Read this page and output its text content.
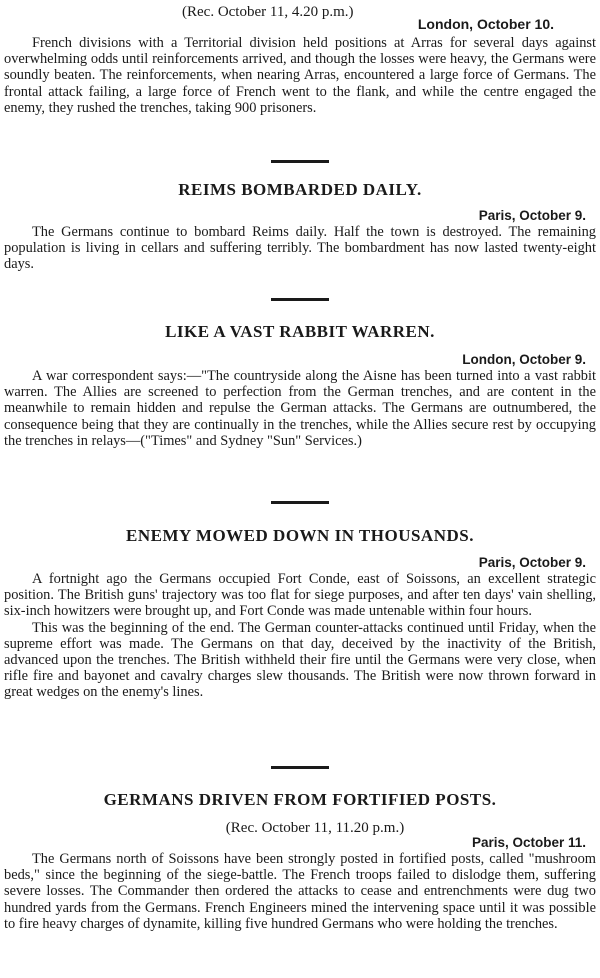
(Rec. October 11, 4.20 p.m.)
London, October 10.

French divisions with a Territorial division held positions at Arras for several days against overwhelming odds until reinforcements arrived, and though the losses were heavy, the Germans were soundly beaten. The reinforcements, when nearing Arras, encountered a large force of Germans. The frontal attack failing, a large force of French went to the flank, and while the centre engaged the enemy, they rushed the trenches, taking 900 prisoners.

REIMS BOMBARDED DAILY.
Paris, October 9.

The Germans continue to bombard Reims daily. Half the town is destroyed. The remaining population is living in cellars and suffering terribly. The bombardment has now lasted twenty-eight days.

LIKE A VAST RABBIT WARREN.
London, October 9.

A war correspondent says:—"The countryside along the Aisne has been turned into a vast rabbit warren. The Allies are screened to perfection from the German trenches, and are content in the meanwhile to remain hidden and repulse the German attacks. The Germans are outnumbered, the consequence being that they are continually in the trenches, while the Allies secure rest by occupying the trenches in relays—("Times" and Sydney "Sun" Services.)

ENEMY MOWED DOWN IN THOUSANDS.
Paris, October 9.

A fortnight ago the Germans occupied Fort Conde, east of Soissons, an excellent strategic position. The British guns' trajectory was too flat for siege purposes, and after ten days' vain shelling, six-inch howitzers were brought up, and Fort Conde was made untenable within four hours.

This was the beginning of the end. The German counter-attacks continued until Friday, when the supreme effort was made. The Germans on that day, deceived by the inactivity of the British, advanced upon the trenches. The British withheld their fire until the Germans were very close, when rifle fire and bayonet and cavalry charges slew thousands. The British were now thrown forward in great wedges on the enemy's lines.

GERMANS DRIVEN FROM FORTIFIED POSTS.
(Rec. October 11, 11.20 p.m.)
Paris, October 11.

The Germans north of Soissons have been strongly posted in fortified posts, called "mushroom beds," since the beginning of the siege-battle. The French troops failed to dislodge them, suffering severe losses. The Commander then ordered the attacks to cease and entrenchments were dug two hundred yards from the Germans. French Engineers mined the intervening space until it was possible to fire heavy charges of dynamite, killing five hundred Germans who were holding the trenches.
